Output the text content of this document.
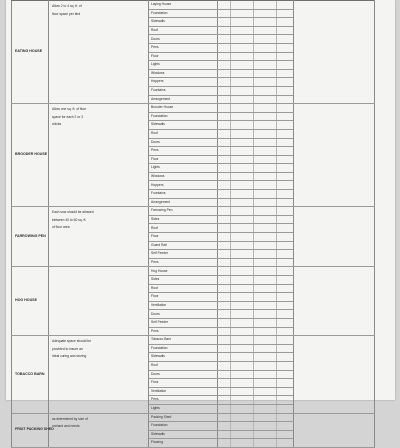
EATING HOUSE	Allow 2 to 4 sq. ft. of
floor space per bird	Laying House					
		Foundation					
		Sidewalls					
		Roof					
		Doors					
		Pens					
		Floor					
		Lights					
		Windows					
		Hoppers					
		Fountains					
		Arrangement					
BROODER HOUSE	Allow one sq. ft. of floor
space for each 2 or 3
chicks	Brooder House					
		Foundation					
		Sidewalls					
		Roof					
		Doors					
		Pens					
		Floor					
		Lights					
		Windows					
		Hoppers					
		Fountains					
		Arrangement					
FARROWING PEN	Each sow should be allowed
between 40 to 60 sq. ft.
of floor area	Farrowing Pen					
		Sides					
		Roof					
		Floor					
		Guard Rail					
		Self Feeder					
		Pens					
HOG HOUSE		Hog House					
		Sides					
		Roof					
		Floor					
		Ventilation					
		Doors					
		Self Feeder					
		Pens					
TOBACCO BARN	Adequate space should be
provided to insure an
Ideal curing and storing	Tobacco Barn					
		Foundation					
		Sidewalls					
		Roof					
		Doors					
		Floor					
		Ventilation					
		Pens					
		Lights					
FRUIT PACKING SHED	as determined by size of
orchard and needs	Packing Shed					
		Foundation					
		Sidewalls					
		Flooring					
